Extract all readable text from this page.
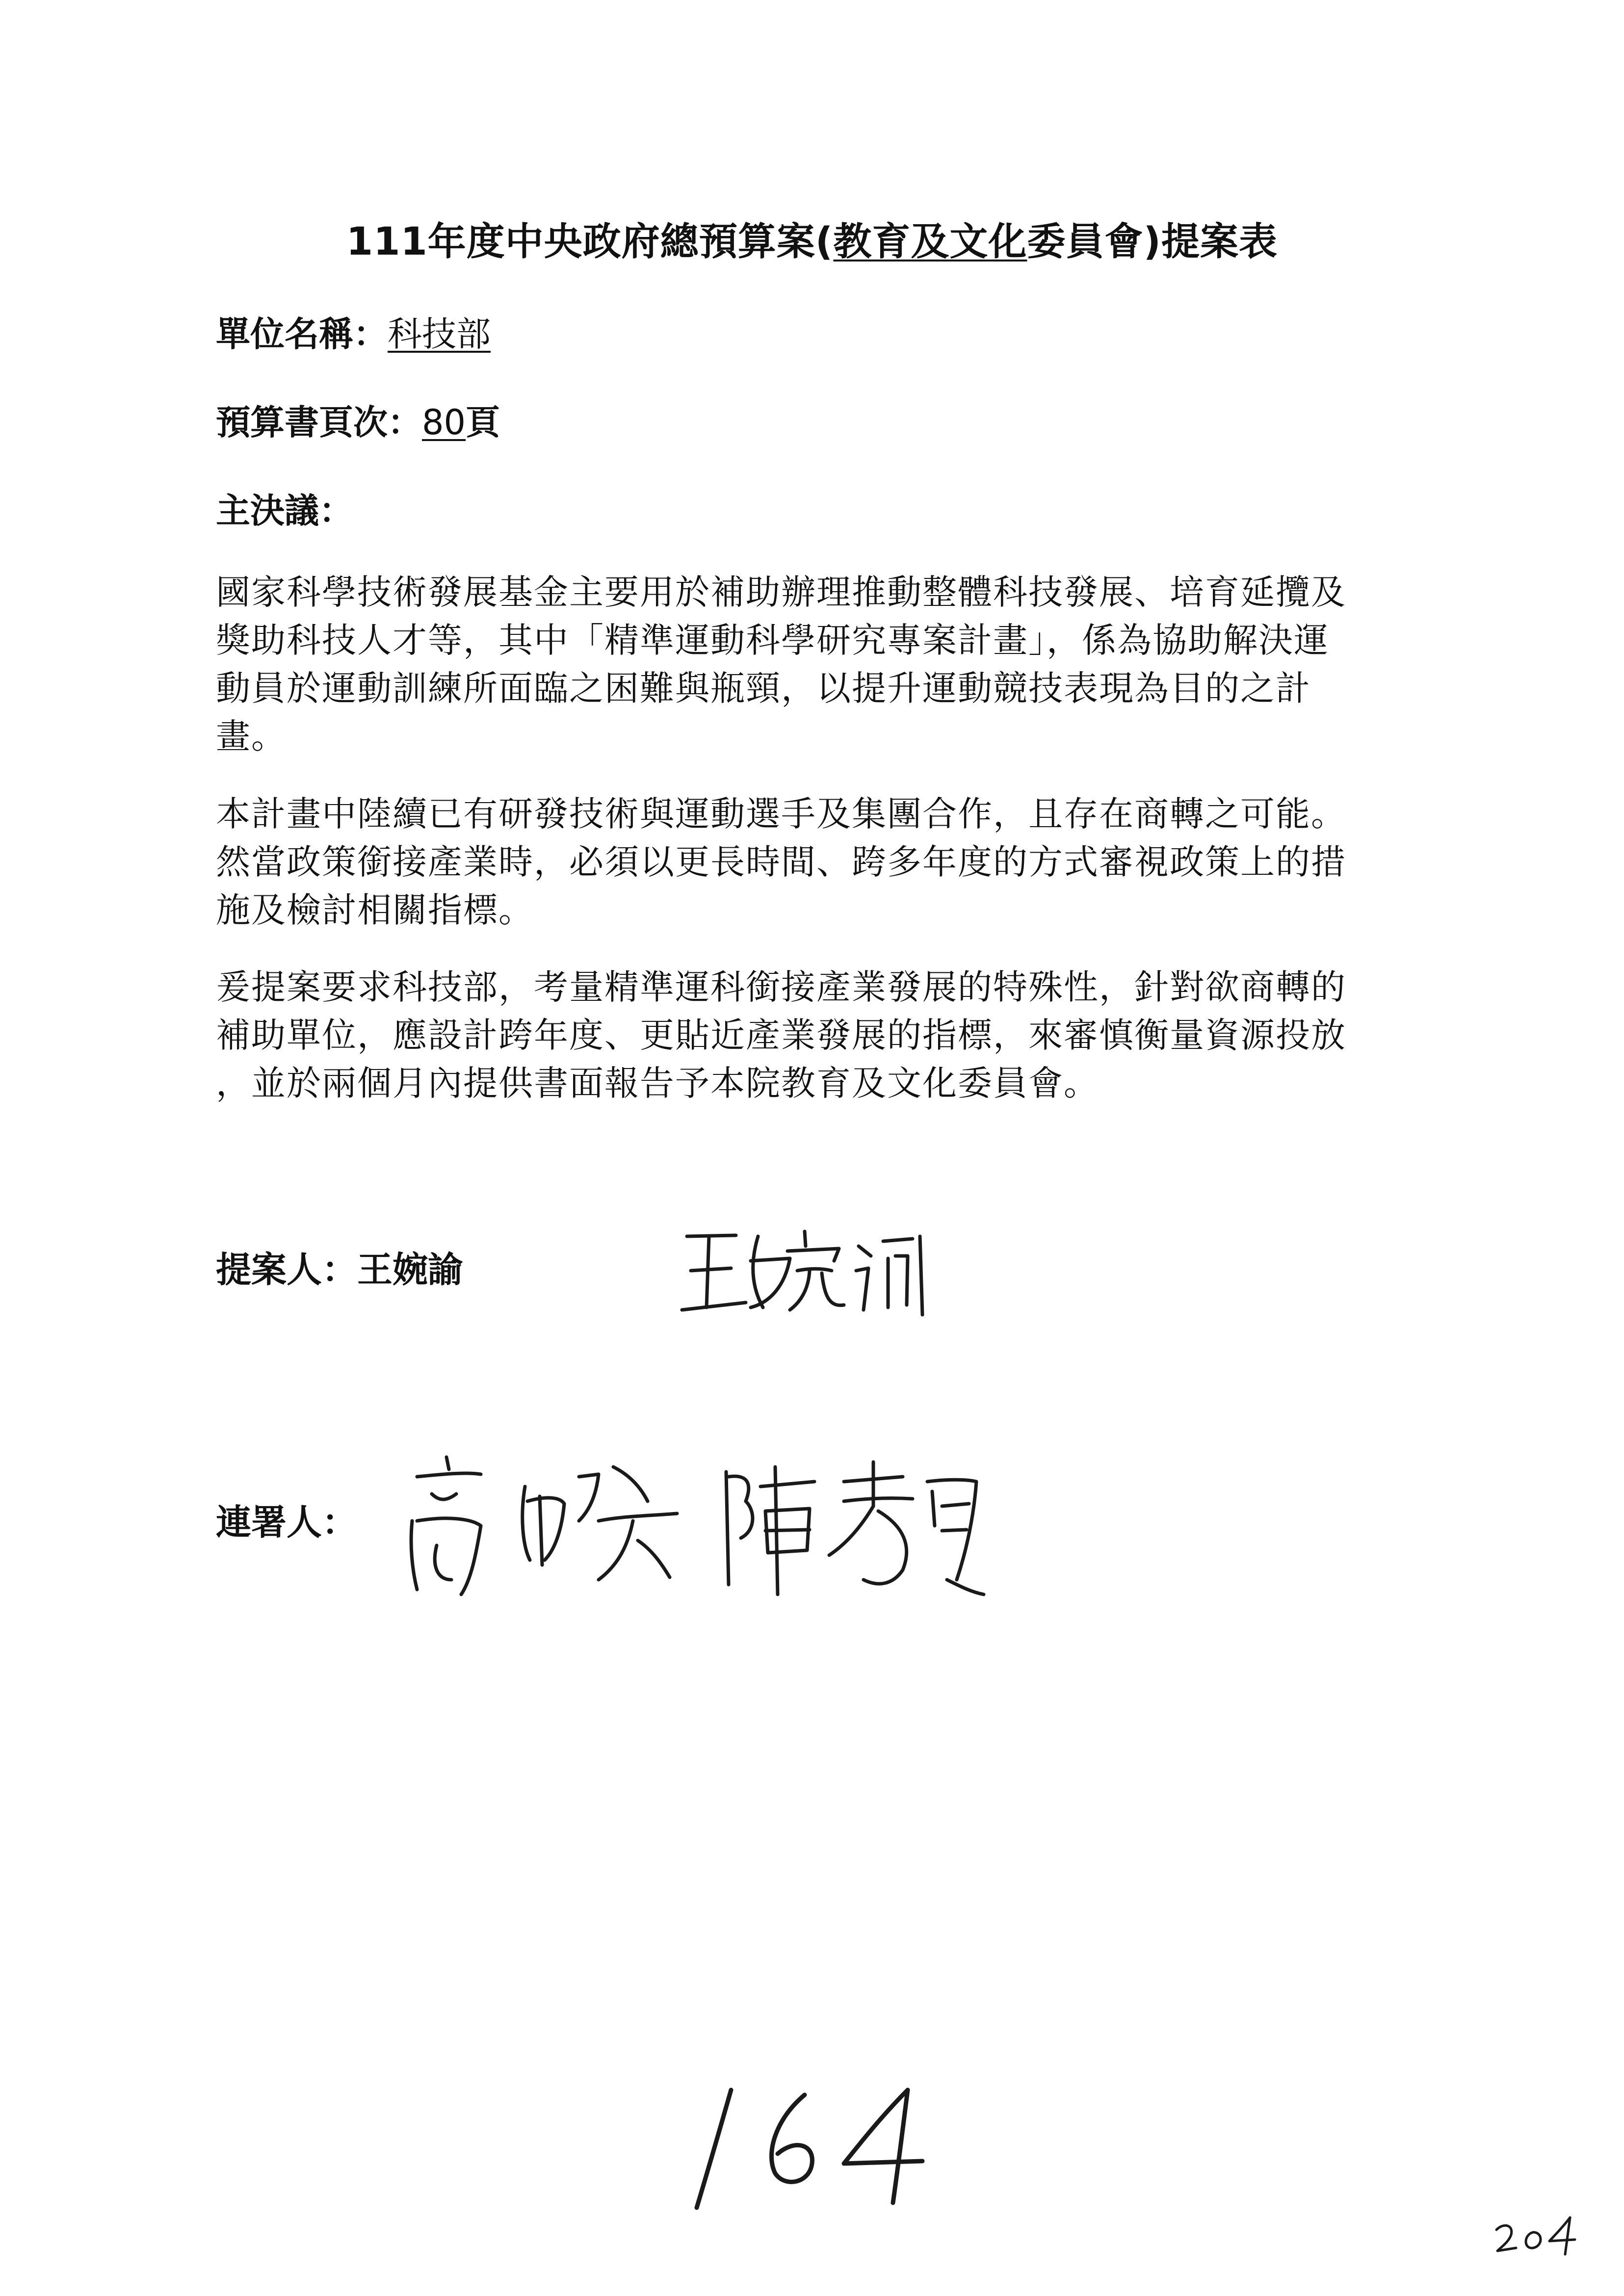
111年度中央政府總預算案(教育及文化委員會)提案表
單位名稱：科技部
預算書頁次：80頁
主決議：
國家科學技術發展基金主要用於補助辦理推動整體科技發展、培育延攬及
獎助科技人才等，其中「精準運動科學研究專案計畫」，係為協助解決運
動員於運動訓練所面臨之困難與瓶頸，以提升運動競技表現為目的之計
畫。
本計畫中陸續已有研發技術與運動選手及集團合作，且存在商轉之可能。
然當政策銜接產業時，必須以更長時間、跨多年度的方式審視政策上的措
施及檢討相關指標。
爰提案要求科技部，考量精準運科銜接產業發展的特殊性，針對欲商轉的
補助單位，應設計跨年度、更貼近產業發展的指標，來審慎衡量資源投放
，並於兩個月內提供書面報告予本院教育及文化委員會。
提案人：王婉諭
連署人：
